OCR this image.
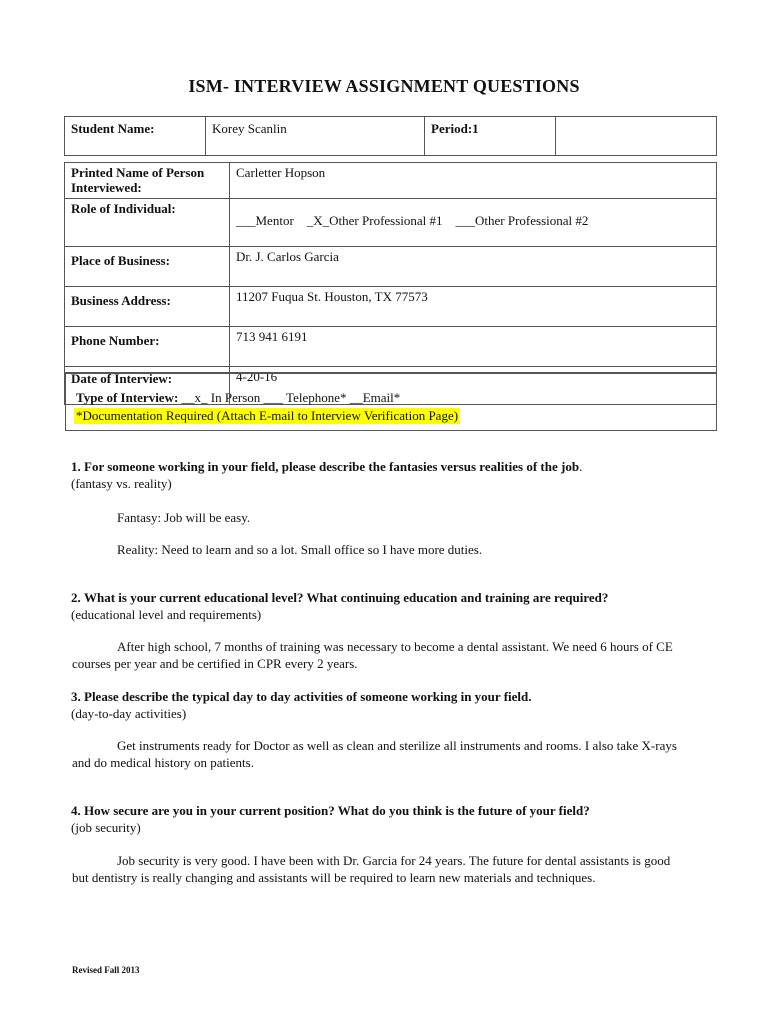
ISM- INTERVIEW ASSIGNMENT QUESTIONS
Student Name:	Korey Scanlin	Period:1	
Printed Name of Person Interviewed:	Carletter Hopson
Role of Individual:	___Mentor    _X_Other Professional #1    ___Other Professional #2
Place of Business:	Dr. J. Carlos Garcia
Business Address:	11207 Fuqua St. Houston, TX 77573
Phone Number:	713 941 6191
Date of Interview:	4-20-16
Type of Interview: __x_ In Person ___ Telephone* __Email*
*Documentation Required (Attach E-mail to Interview Verification Page)
1. For someone working in your field, please describe the fantasies versus realities of the job.
(fantasy vs. reality)
Fantasy: Job will be easy.
Reality: Need to learn and so a lot. Small office so I have more duties.
2. What is your current educational level? What continuing education and training are required?
(educational level and requirements)
After high school, 7 months of training was necessary to become a dental assistant. We need 6 hours of CE courses per year and be certified in CPR every 2 years.
3. Please describe the typical day to day activities of someone working in your field.
(day-to-day activities)
Get instruments ready for Doctor as well as clean and sterilize all instruments and rooms. I also take X-rays and do medical history on patients.
4. How secure are you in your current position? What do you think is the future of your field?
(job security)
Job security is very good. I have been with Dr. Garcia for 24 years. The future for dental assistants is good but dentistry is really changing and assistants will be required to learn new materials and techniques.
Revised Fall 2013
